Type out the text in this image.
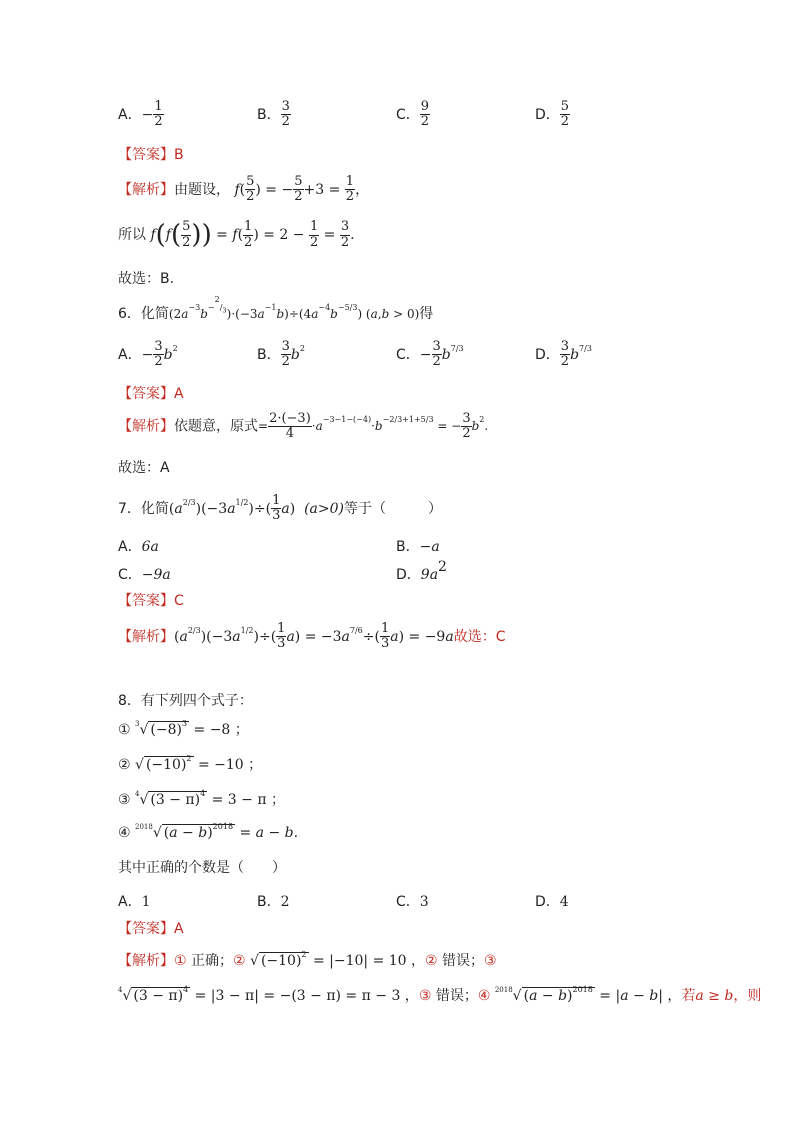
A．− $\frac{1}{2}$	B． $\frac{3}{2}$	C． $\frac{9}{2}$	D． $\frac{5}{2}$
【答案】B
【解析】由题设， $f( \frac{5}{2}$ ) = − $\frac{5}{2} +3 = \frac{1}{2}$ ，
所以 $f(f( \frac{5}{2}$ )) = $f( \frac{1}{2}$ ) = $2 - \frac{1}{2} = \frac{3}{2}$ .
故选：B.
6．化简$(2a^{-3}b^{-^2/_3})\cdot(-3a^{-1}b)\div(4a^{-4}b^{-5/3}) (a,b > 0)$得
A．− $\frac{3}{2} b^2$	B． $\frac{3}{2} b^2$	C．− $\frac{3}{2} b^{7/3}$	D． $\frac{3}{2} b^{7/3}$
【答案】A
【解析】依题意，原式= $\frac{2\cdot(-3)}{4} \cdot a^{-3-1-(-4)}\cdot b^{-2/3+1+5/3}$ = − $\frac{3}{2} b^2$.
故选：A
7．化简$(a^{2/3})(-3a^{1/2})\div( \frac{1}{3} a)$  (a>0)等于（　　　）
A．6a	B．−a
C．−9a	D．$9a^2$
【答案】C
【解析】$(a^{2/3})(-3a^{1/2})\div( \frac{1}{3} a) = -3a^{7/6}\div( \frac{1}{3} a) = -9a$故选：C
8．有下列四个式子：
① $^3$√ $(-8)^3 = -8$ ；
② √ $(-10)^2 = -10$ ；
③ $^4$√ $(3 - \pi)^4 = 3 - \pi$ ；
④ $^{2018}$√ $(a - b)^{2018} = a - b$.
其中正确的个数是（　　）
A．1	B．2	C．3	D．4
【答案】A
【解析】① 正确；② √ $(-10)^2 = |-10| = 10$ ，② 错误；③
$^4$√ $(3 - \pi)^4 = |3 - \pi| = -(3 - \pi) = \pi - 3$ ，③ 错误；④ $^{2018}$√ $(a - b)^{2018} = |a - b|$ ，若a ≥ b，则
